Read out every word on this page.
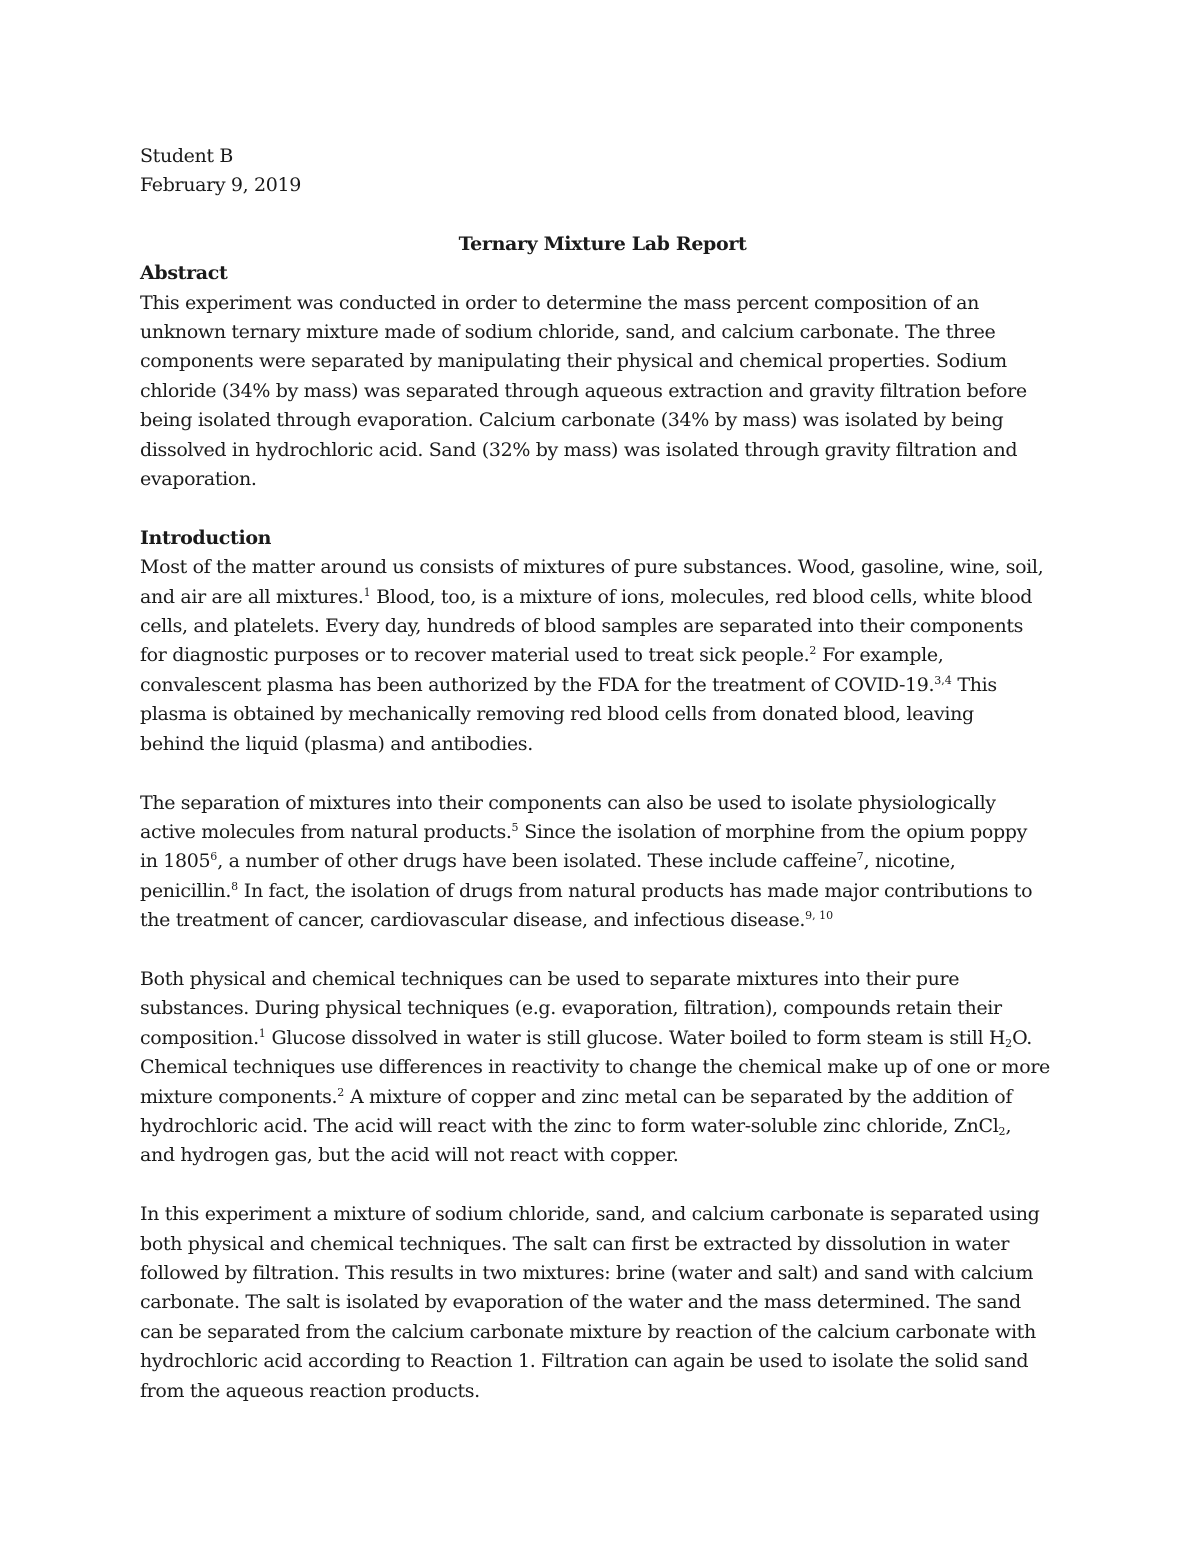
Student B
February 9, 2019
Ternary Mixture Lab Report
Abstract
This experiment was conducted in order to determine the mass percent composition of an
unknown ternary mixture made of sodium chloride, sand, and calcium carbonate. The three
components were separated by manipulating their physical and chemical properties. Sodium
chloride (34% by mass) was separated through aqueous extraction and gravity filtration before
being isolated through evaporation. Calcium carbonate (34% by mass) was isolated by being
dissolved in hydrochloric acid. Sand (32% by mass) was isolated through gravity filtration and
evaporation.
Introduction
Most of the matter around us consists of mixtures of pure substances. Wood, gasoline, wine, soil,
and air are all mixtures.$^1$ Blood, too, is a mixture of ions, molecules, red blood cells, white blood
cells, and platelets. Every day, hundreds of blood samples are separated into their components
for diagnostic purposes or to recover material used to treat sick people.$^2$ For example,
convalescent plasma has been authorized by the FDA for the treatment of COVID-19.$^{3,4}$ This
plasma is obtained by mechanically removing red blood cells from donated blood, leaving
behind the liquid (plasma) and antibodies.
The separation of mixtures into their components can also be used to isolate physiologically
active molecules from natural products.$^5$ Since the isolation of morphine from the opium poppy
in 1805$^6$, a number of other drugs have been isolated. These include caffeine$^7$, nicotine,
penicillin.$^8$ In fact, the isolation of drugs from natural products has made major contributions to
the treatment of cancer, cardiovascular disease, and infectious disease.$^{9, 10}$
Both physical and chemical techniques can be used to separate mixtures into their pure
substances. During physical techniques (e.g. evaporation, filtration), compounds retain their
composition.$^1$ Glucose dissolved in water is still glucose. Water boiled to form steam is still $H_2O$.
Chemical techniques use differences in reactivity to change the chemical make up of one or more
mixture components.$^2$ A mixture of copper and zinc metal can be separated by the addition of
hydrochloric acid. The acid will react with the zinc to form water-soluble zinc chloride, ZnCl$_2$,
and hydrogen gas, but the acid will not react with copper.
In this experiment a mixture of sodium chloride, sand, and calcium carbonate is separated using
both physical and chemical techniques. The salt can first be extracted by dissolution in water
followed by filtration. This results in two mixtures: brine (water and salt) and sand with calcium
carbonate. The salt is isolated by evaporation of the water and the mass determined. The sand
can be separated from the calcium carbonate mixture by reaction of the calcium carbonate with
hydrochloric acid according to Reaction 1. Filtration can again be used to isolate the solid sand
from the aqueous reaction products.
